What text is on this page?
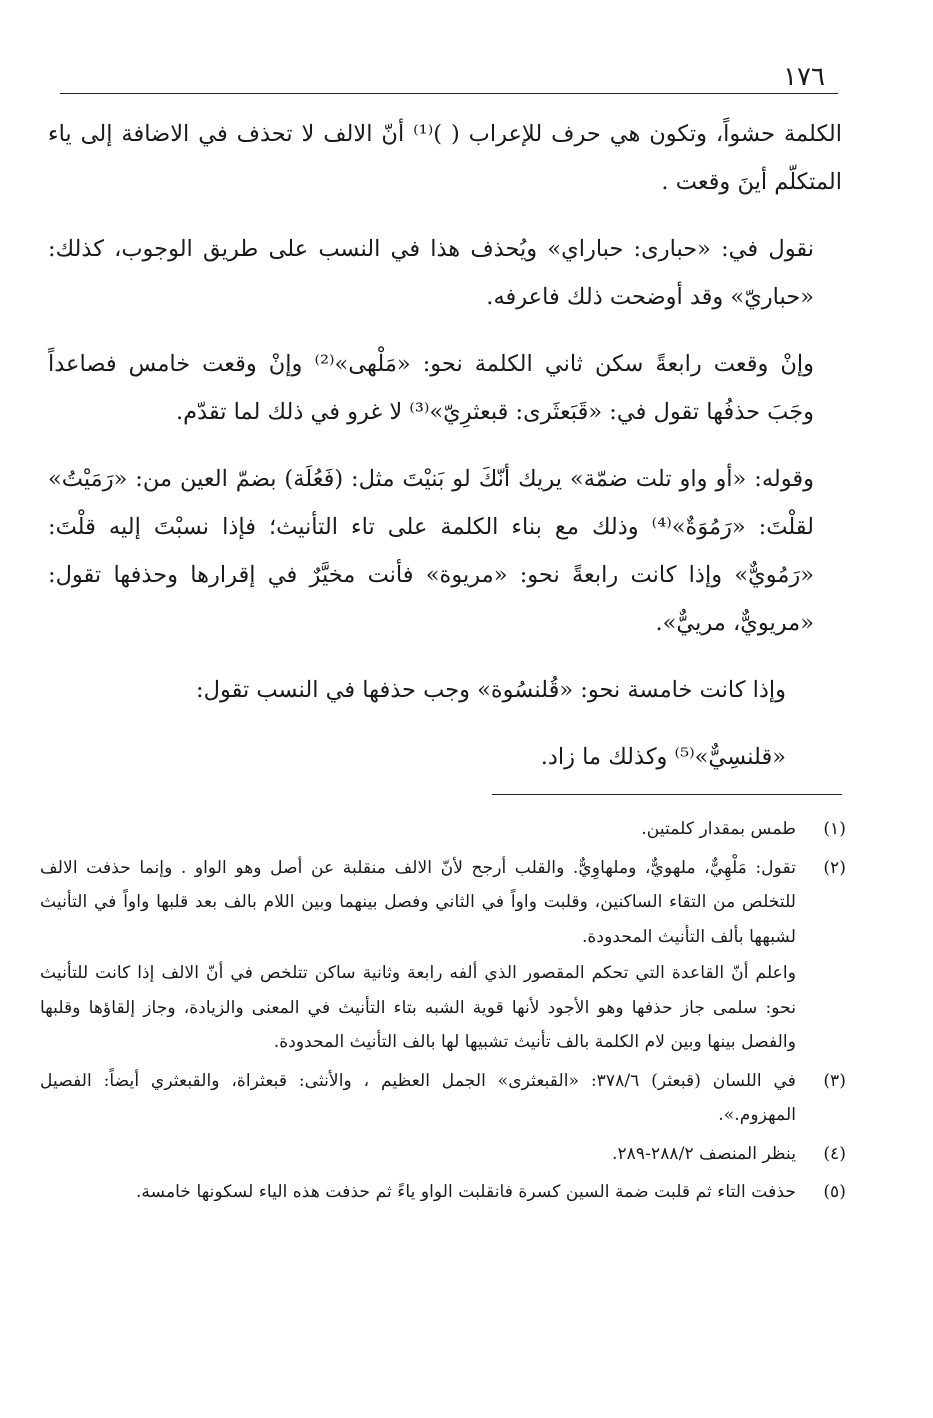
١٧٦

الكلمة حشواً، وتكون هي حرف للإعراب ( )⁽¹⁾ أنّ الالف لا تحذف في الاضافة إلى ياء المتكلّم أينَ وقعت .

نقول في: «حبارى: حباراي» ويُحذف هذا في النسب على طريق الوجوب، كذلك: «حباريّ» وقد أوضحت ذلك فاعرفه.

وإنْ وقعت رابعةً سكن ثاني الكلمة نحو: «مَلْهى»⁽²⁾ وإنْ وقعت خامس فصاعداً وجَبَ حذفُها تقول في: «قَبَعثَرى: قبعثرِيّ»⁽³⁾ لا غرو في ذلك لما تقدّم.

وقوله: «أو واو تلت ضمّة» يريك أنّكَ لو بَنيْتَ مثل: (فَعُلَة) بضمّ العين من: «رَمَيْتُ» لقلْتَ: «رَمُوَةٌ»⁽⁴⁾ وذلك مع بناء الكلمة على تاء التأنيث؛ فإذا نسبْتَ إليه قلْتَ: «رَمُويٌّ» وإذا كانت رابعةً نحو: «مريوة» فأنت مخيَّرٌ في إقرارها وحذفها تقول: «مريويٌّ، مرييٌّ».

وإذا كانت خامسة نحو: «قُلنسُوة» وجب حذفها في النسب تقول:

«قلنسِيٌّ»⁽⁵⁾ وكذلك ما زاد.

(١)

طمس بمقدار كلمتين.

(٢)

تقول: مَلْهِيٌّ، ملهويٌّ، وملهاوِيٌّ. والقلب أرجح لأنّ الالف منقلبة عن أصل وهو الواو . وإنما حذفت الالف للتخلص من التقاء الساكنين، وقلبت واواً في الثاني وفصل بينهما وبين اللام بالف بعد قلبها واواً في التأنيث لشبهها بألف التأنيث المحدودة.

واعلم أنّ القاعدة التي تحكم المقصور الذي ألفه رابعة وثانية ساكن تتلخص في أنّ الالف إذا كانت للتأنيث نحو: سلمى جاز حذفها وهو الأجود لأنها قوية الشبه بتاء التأنيث في المعنى والزيادة، وجاز إلقاؤها وقلبها والفصل بينها وبين لام الكلمة بالف تأنيث تشبيها لها بالف التأنيث المحدودة.

(٣)

في اللسان (قبعثر) ٣٧٨/٦: «القبعثرى» الجمل العظيم ، والأنثى: قبعثراة، والقبعثري أيضاً: الفصيل المهزوم.».

(٤)

ينظر المنصف ٢٨٨/٢-٢٨٩.

(٥)

حذفت التاء ثم قلبت ضمة السين كسرة فانقلبت الواو ياءً ثم حذفت هذه الياء لسكونها خامسة.
